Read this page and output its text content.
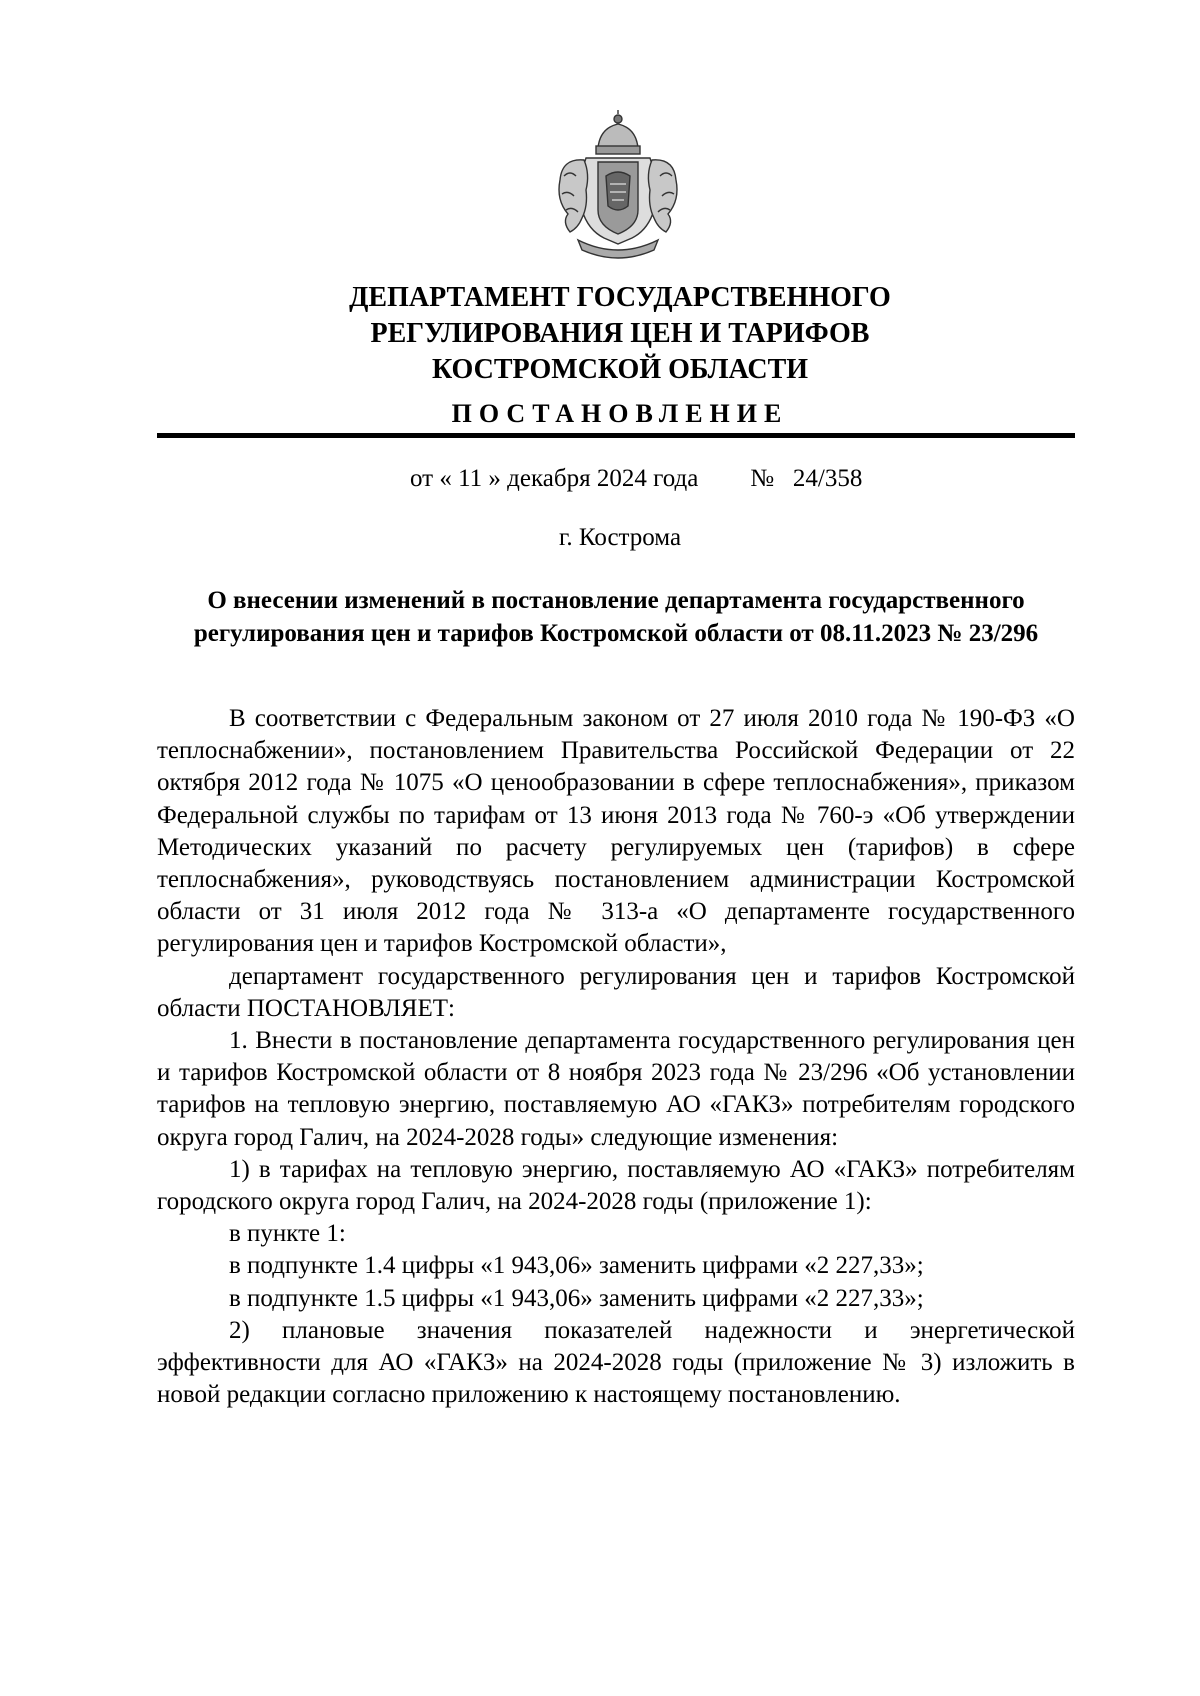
ДЕПАРТАМЕНТ ГОСУДАРСТВЕННОГО
РЕГУЛИРОВАНИЯ ЦЕН И ТАРИФОВ
КОСТРОМСКОЙ ОБЛАСТИ

ПОСТАНОВЛЕНИЕ

от « 11 » декабря 2024 года №   24/358
г. Кострома

О внесении изменений в постановление департамента государственного
регулирования цен и тарифов Костромской области от 08.11.2023 № 23/296

В соответствии с Федеральным законом от 27 июля 2010 года № 190-ФЗ «О теплоснабжении», постановлением Правительства Российской Федерации от 22 октября 2012 года № 1075 «О ценообразовании в сфере теплоснабжения», приказом Федеральной службы по тарифам от 13 июня 2013 года № 760-э «Об утверждении Методических указаний по расчету регулируемых цен (тарифов) в сфере теплоснабжения», руководствуясь постановлением администрации Костромской области от 31 июля 2012 года № 313-а «О департаменте государственного регулирования цен и тарифов Костромской области»,

департамент государственного регулирования цен и тарифов Костромской области ПОСТАНОВЛЯЕТ:

1. Внести в постановление департамента государственного регулирования цен и тарифов Костромской области от 8 ноября 2023 года № 23/296 «Об установлении тарифов на тепловую энергию, поставляемую АО «ГАКЗ» потребителям городского округа город Галич, на 2024-2028 годы» следующие изменения:

1) в тарифах на тепловую энергию, поставляемую АО «ГАКЗ» потребителям городского округа город Галич, на 2024-2028 годы (приложение 1):

в пункте 1:

в подпункте 1.4 цифры «1 943,06» заменить цифрами «2 227,33»;

в подпункте 1.5 цифры «1 943,06» заменить цифрами «2 227,33»;

2) плановые значения показателей надежности и энергетической эффективности для АО «ГАКЗ» на 2024-2028 годы (приложение № 3) изложить в новой редакции согласно приложению к настоящему постановлению.
